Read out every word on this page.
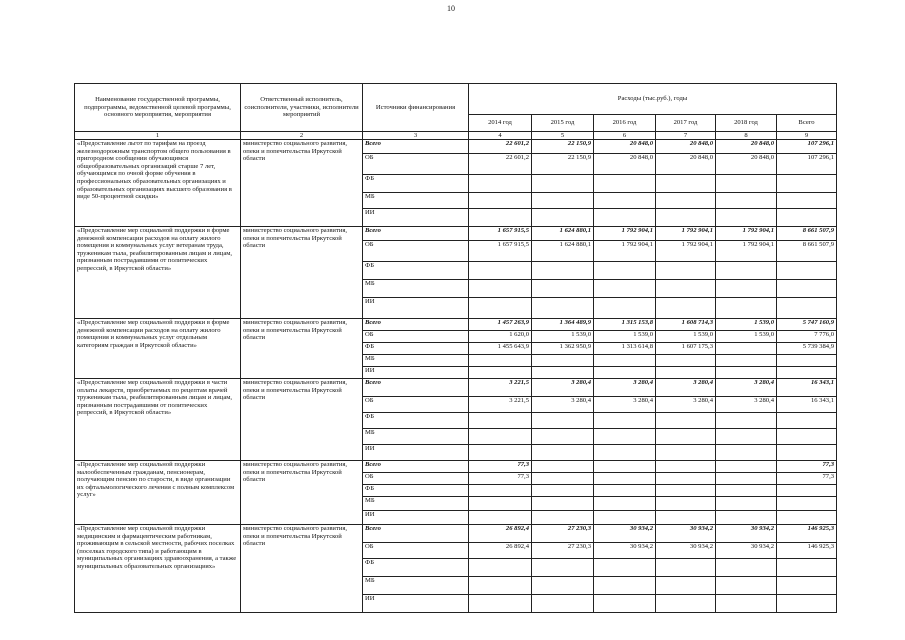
10
Наименование государственной программы, подпрограммы, ведомственной целевой программы, основного мероприятия, мероприятия	Ответственный исполнитель, соисполнители, участники, исполнители мероприятий	Источники финансирования	Расходы (тыс.руб.), годы					
			2014 год	2015 год	2016 год	2017 год	2018 год	Всего
1	2	3	4	5	6	7	8	9
«Предоставление льгот по тарифам на проезд железнодорожным транспортом общего пользования в пригородном сообщении обучающимся общеобразовательных организаций старше 7 лет, обучающимся по очной форме обучения в профессиональных образовательных организациях и образовательных организациях высшего образования в виде 50-процентной скидки»	министерство социального развития, опеки и попечительства Иркутской области	Всего	22 601,2	22 150,9	20 848,0	20 848,0	20 848,0	107 296,1
		ОБ	22 601,2	22 150,9	20 848,0	20 848,0	20 848,0	107 296,1
		ФБ						
		МБ						
		ИИ						
«Предоставление мер социальной поддержки в форме денежной компенсации расходов на оплату жилого помещения и коммунальных услуг ветеранам труда, труженикам тыла, реабилитированным лицам и лицам, признанным пострадавшими от политических репрессий, в Иркутской области»	министерство социального развития, опеки и попечительства Иркутской области	Всего	1 657 915,5	1 624 880,1	1 792 904,1	1 792 904,1	1 792 904,1	8 661 507,9
		ОБ	1 657 915,5	1 624 880,1	1 792 904,1	1 792 904,1	1 792 904,1	8 661 507,9
		ФБ						
		МБ						
		ИИ						
«Предоставление мер социальной поддержки в форме денежной компенсации расходов на оплату жилого помещения и коммунальных услуг отдельным категориям граждан в Иркутской области»	министерство социального развития, опеки и попечительства Иркутской области	Всего	1 457 263,9	1 364 489,9	1 315 153,8	1 608 714,3	1 539,0	5 747 160,9
		ОБ	1 620,0	1 539,0	1 539,0	1 539,0	1 539,0	7 776,0
		ФБ	1 455 643,9	1 362 950,9	1 313 614,8	1 607 175,3		5 739 384,9
		МБ						
		ИИ						
«Предоставление мер социальной поддержки в части оплаты лекарств, приобретаемых по рецептам врачей труженикам тыла, реабилитированным лицам и лицам, признанным пострадавшими от политических репрессий, в Иркутской области»	министерство социального развития, опеки и попечительства Иркутской области	Всего	3 221,5	3 280,4	3 280,4	3 280,4	3 280,4	16 343,1
		ОБ	3 221,5	3 280,4	3 280,4	3 280,4	3 280,4	16 343,1
		ФБ						
		МБ						
		ИИ						
«Предоставление мер социальной поддержки малообеспеченным гражданам, пенсионерам, получающим пенсию по старости, в виде организации их офтальмологического лечения с полным комплексом услуг»	министерство социального развития, опеки и попечительства Иркутской области	Всего	77,3					77,3
		ОБ	77,3					77,3
		ФБ						
		МБ						
		ИИ						
«Предоставление мер социальной поддержки медицинским и фармацевтическим работникам, проживающим в сельской местности, рабочих поселках (поселках городского типа) и работающим в муниципальных организациях здравоохранения, а также муниципальных образовательных организациях»	министерство социального развития, опеки и попечительства Иркутской области	Всего	26 892,4	27 230,3	30 934,2	30 934,2	30 934,2	146 925,3
		ОБ	26 892,4	27 230,3	30 934,2	30 934,2	30 934,2	146 925,3
		ФБ						
		МБ						
		ИИ						
